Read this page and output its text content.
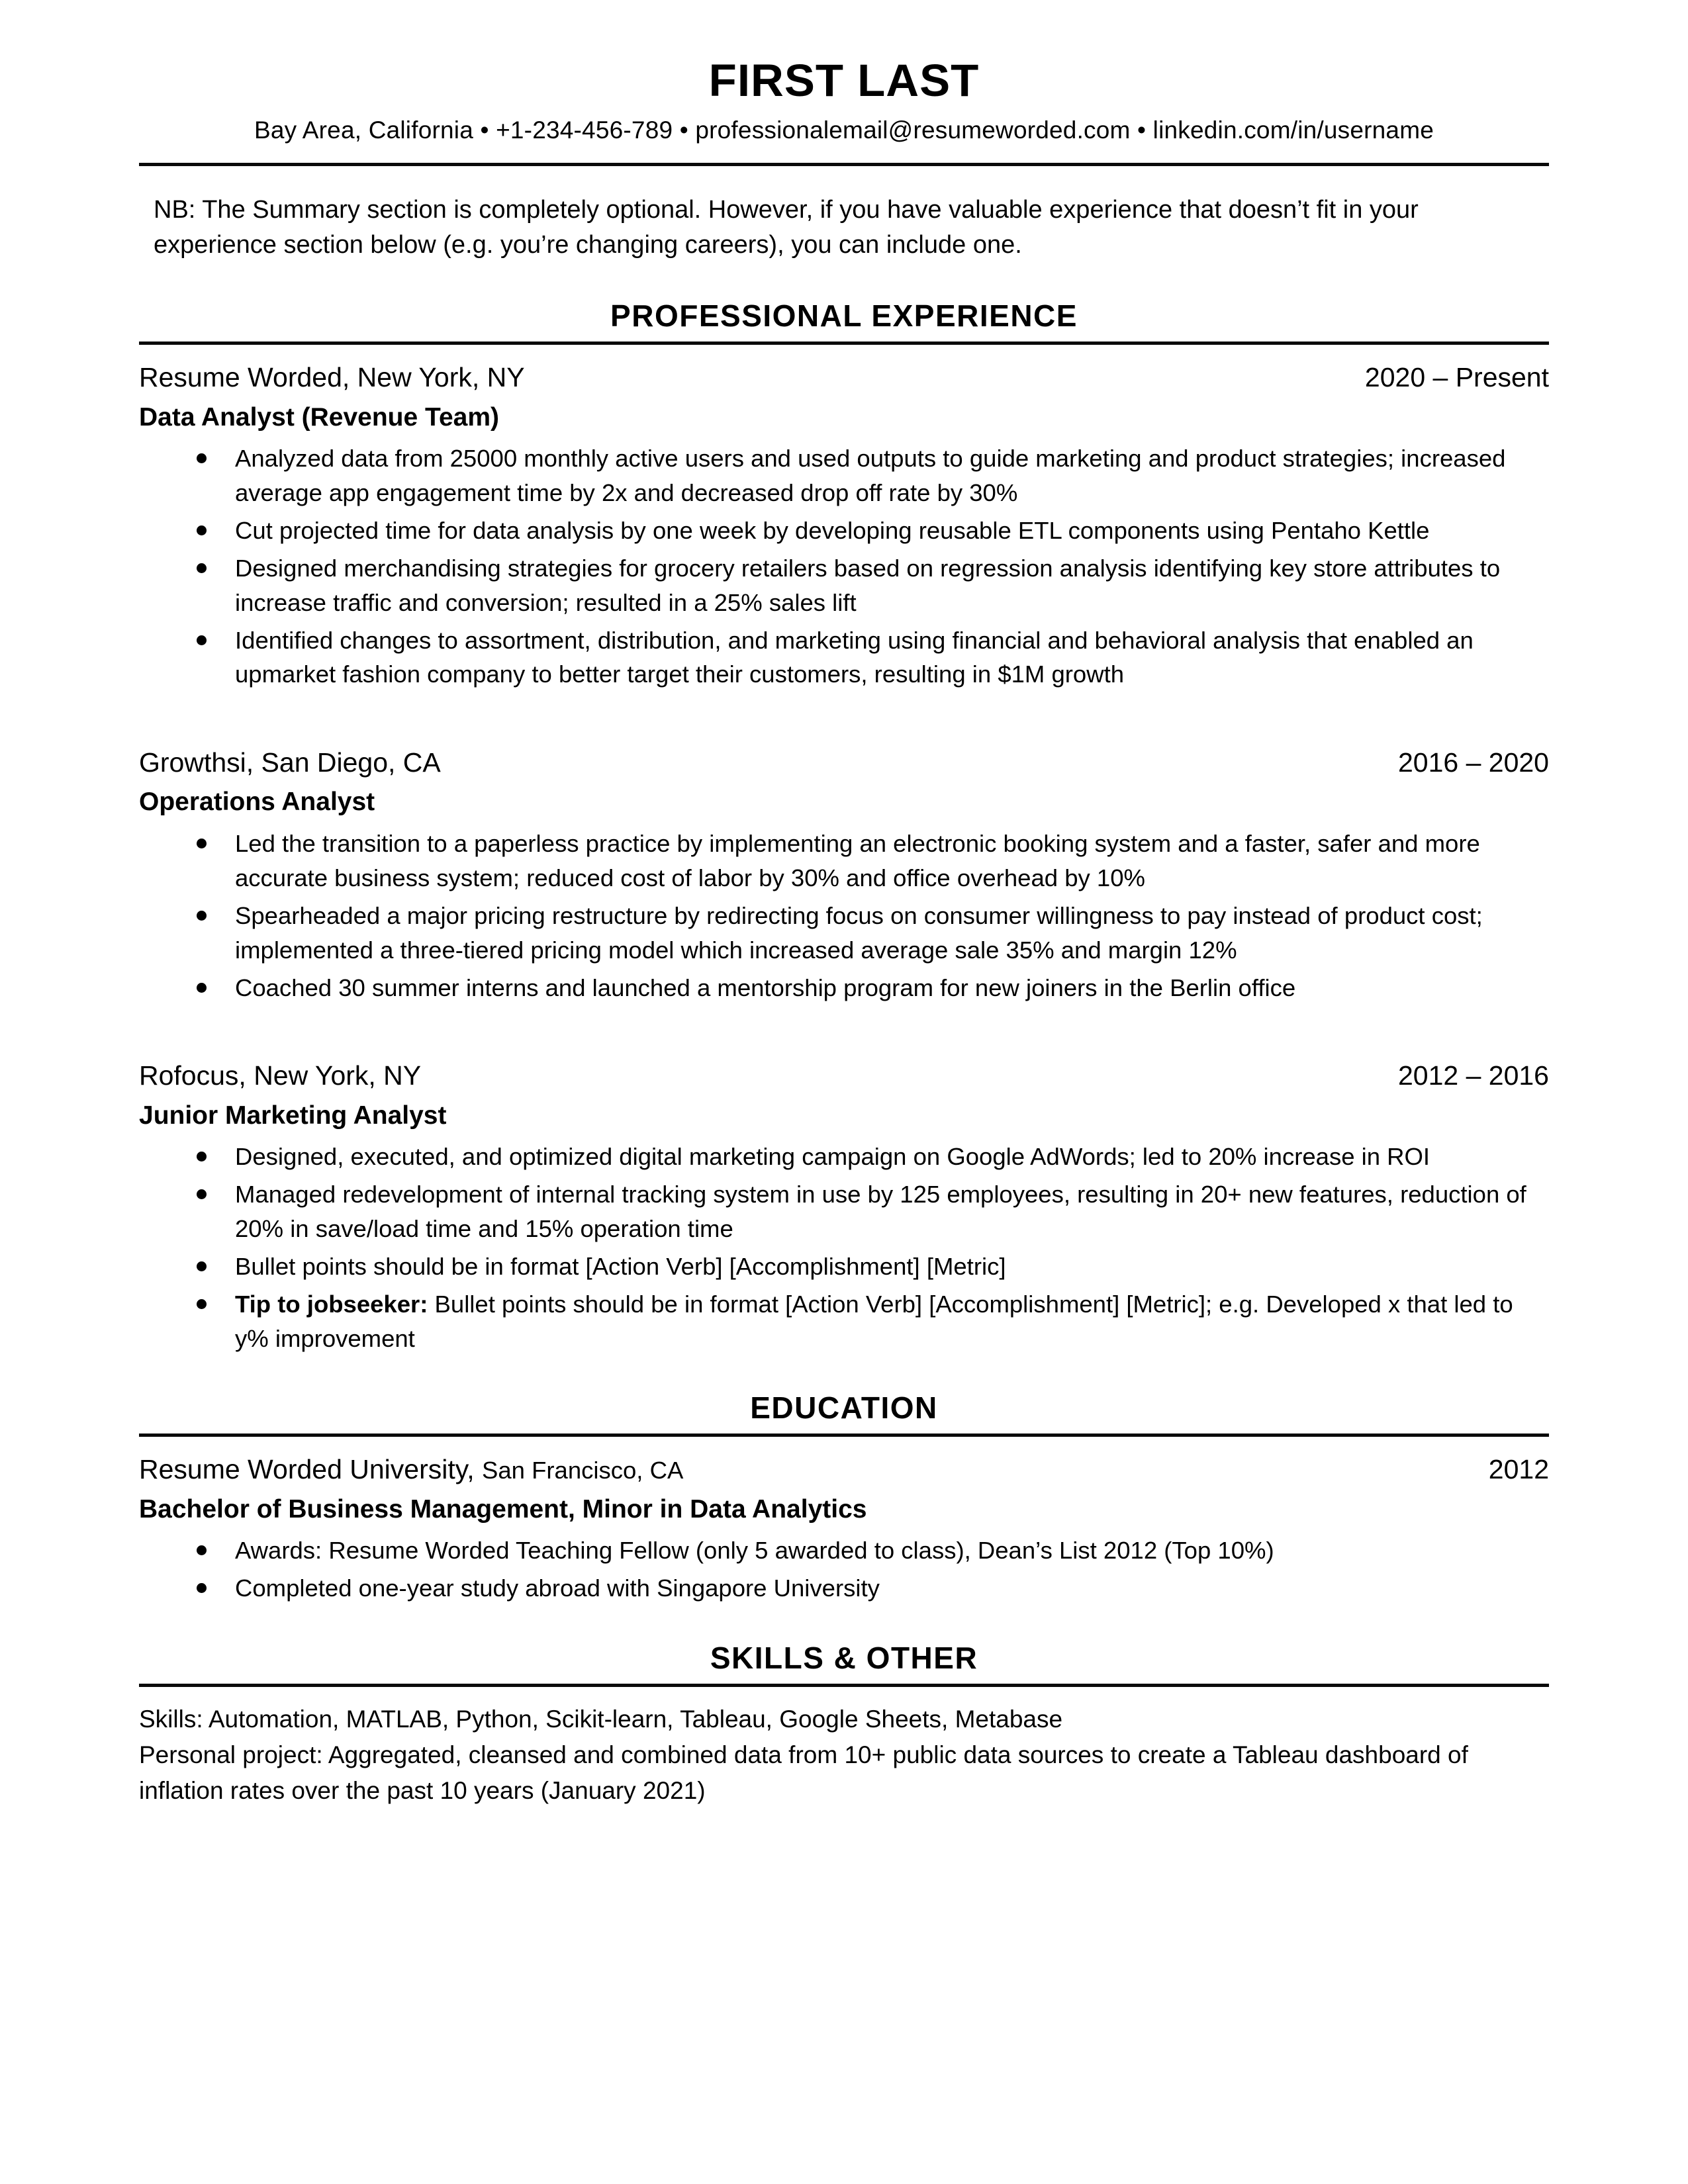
FIRST LAST
Bay Area, California • +1-234-456-789 • professionalemail@resumeworded.com • linkedin.com/in/username

NB: The Summary section is completely optional. However, if you have valuable experience that doesn’t fit in your experience section below (e.g. you’re changing careers), you can include one.

PROFESSIONAL EXPERIENCE
Resume Worded, New York, NY	2020 – Present
Data Analyst (Revenue Team)
Analyzed data from 25000 monthly active users and used outputs to guide marketing and product strategies; increased average app engagement time by 2x and decreased drop off rate by 30%
Cut projected time for data analysis by one week by developing reusable ETL components using Pentaho Kettle
Designed merchandising strategies for grocery retailers based on regression analysis identifying key store attributes to increase traffic and conversion; resulted in a 25% sales lift
Identified changes to assortment, distribution, and marketing using financial and behavioral analysis that enabled an upmarket fashion company to better target their customers, resulting in $1M growth
Growthsi, San Diego, CA	2016 – 2020
Operations Analyst
Led the transition to a paperless practice by implementing an electronic booking system and a faster, safer and more accurate business system; reduced cost of labor by 30% and office overhead by 10%
Spearheaded a major pricing restructure by redirecting focus on consumer willingness to pay instead of product cost; implemented a three-tiered pricing model which increased average sale 35% and margin 12%
Coached 30 summer interns and launched a mentorship program for new joiners in the Berlin office
Rofocus, New York, NY	2012 – 2016
Junior Marketing Analyst
Designed, executed, and optimized digital marketing campaign on Google AdWords; led to 20% increase in ROI
Managed redevelopment of internal tracking system in use by 125 employees, resulting in 20+ new features, reduction of 20% in save/load time and 15% operation time
Bullet points should be in format [Action Verb] [Accomplishment] [Metric]
Tip to jobseeker: Bullet points should be in format [Action Verb] [Accomplishment] [Metric]; e.g. Developed x that led to y% improvement
EDUCATION
Resume Worded University, San Francisco, CA	2012
Bachelor of Business Management, Minor in Data Analytics
Awards: Resume Worded Teaching Fellow (only 5 awarded to class), Dean’s List 2012 (Top 10%)
Completed one-year study abroad with Singapore University
SKILLS & OTHER

Skills: Automation, MATLAB, Python, Scikit-learn, Tableau, Google Sheets, Metabase

Personal project: Aggregated, cleansed and combined data from 10+ public data sources to create a Tableau dashboard of inflation rates over the past 10 years (January 2021)
